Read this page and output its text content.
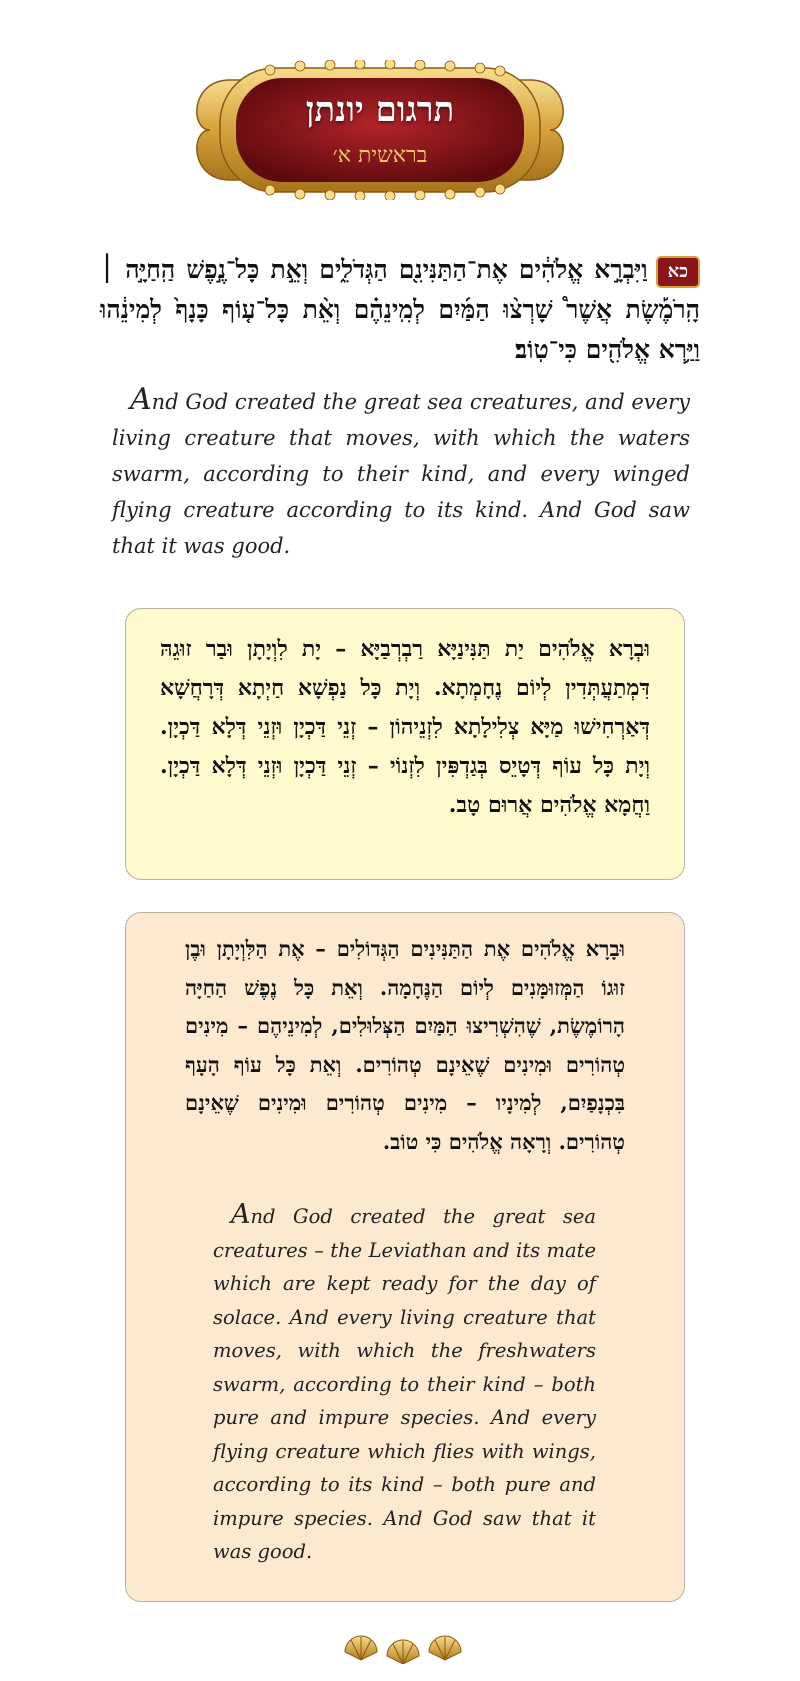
תרגום יונתן
בראשית א׳
כאוַיִּבְרָ֣א אֱלֹהִ֔ים אֶת־הַתַּנִּינִ֖ם הַגְּדֹלִ֑ים וְאֵ֣ת כָּל־נֶ֣פֶשׁ הַֽחַיָּ֣ה ׀ הָֽרֹמֶ֡שֶׂת אֲשֶׁר֩ שָׁרְצ֨וּ הַמַּ֜יִם לְמִֽינֵהֶ֗ם וְאֵ֨ת כָּל־ע֤וֹף כָּנָף֙ לְמִינֵ֔הוּ וַיַּ֥רְא אֱלֹהִ֖ים כִּי־טֽוֹב׃
And God created the great sea creatures, and every living creature that moves, with which the waters swarm, according to their kind, and every winged flying creature according to its kind. And God saw that it was good.
וּבְרָא אֱלֹהִים יַת תַּנִּינַיָּא רַבְרְבַיָּא – יָת לִוְיָתָן וּבַר זוּגֵהּ דִּמְתַעֲתְּדִין לְיוֹם נֶחָמְתָא. וְיָת כָּל נַפְשָׁא חַיְתָא דְּרָחֲשָׁא דְּאַרְחִישׁוּ מַיָּא צְלִילָתָא לִזְנֵיהוֹן – זְנֵי דַּכְיָן וּזְנֵי דְּלָא דַּכְיָן. וְיָת כָּל עוֹף דְּטָיֵס בְּגַדְפִּין לִזְנוֹי – זְנֵי דַּכְיָן וּזְנֵי דְּלָא דַּכְיָן. וַחֲמָא אֱלֹהִים אֲרוּם טָב.
וּבָרָא אֱלֹהִים אֶת הַתַּנִּינִים הַגְּדוֹלִים – אֶת הַלִּוְיָתָן וּבֶן זוּגוֹ הַמְּזוּמָּנִים לְיוֹם הַנֶּחָמָה. וְאֵת כָּל נֶפֶשׁ הַחַיָּה הָרוֹמֶשֶׂת, שֶׁהִשְׁרִיצוּ הַמַּיִם הַצְּלוּלִים, לְמִינֵיהֶם – מִינִים טְהוֹרִים וּמִינִים שֶׁאֵינָם טְהוֹרִים. וְאֵת כָּל עוֹף הָעָף בִּכְנָפַיִם, לְמִינָיו – מִינִים טְהוֹרִים וּמִינִים שֶׁאֵינָם טְהוֹרִים. וְרָאָה אֱלֹהִים כִּי טוֹב.
And God created the great sea creatures – the Leviathan and its mate which are kept ready for the day of solace. And every living creature that moves, with which the freshwaters swarm, according to their kind – both pure and impure species. And every flying creature which flies with wings, according to its kind – both pure and impure species. And God saw that it was good.
